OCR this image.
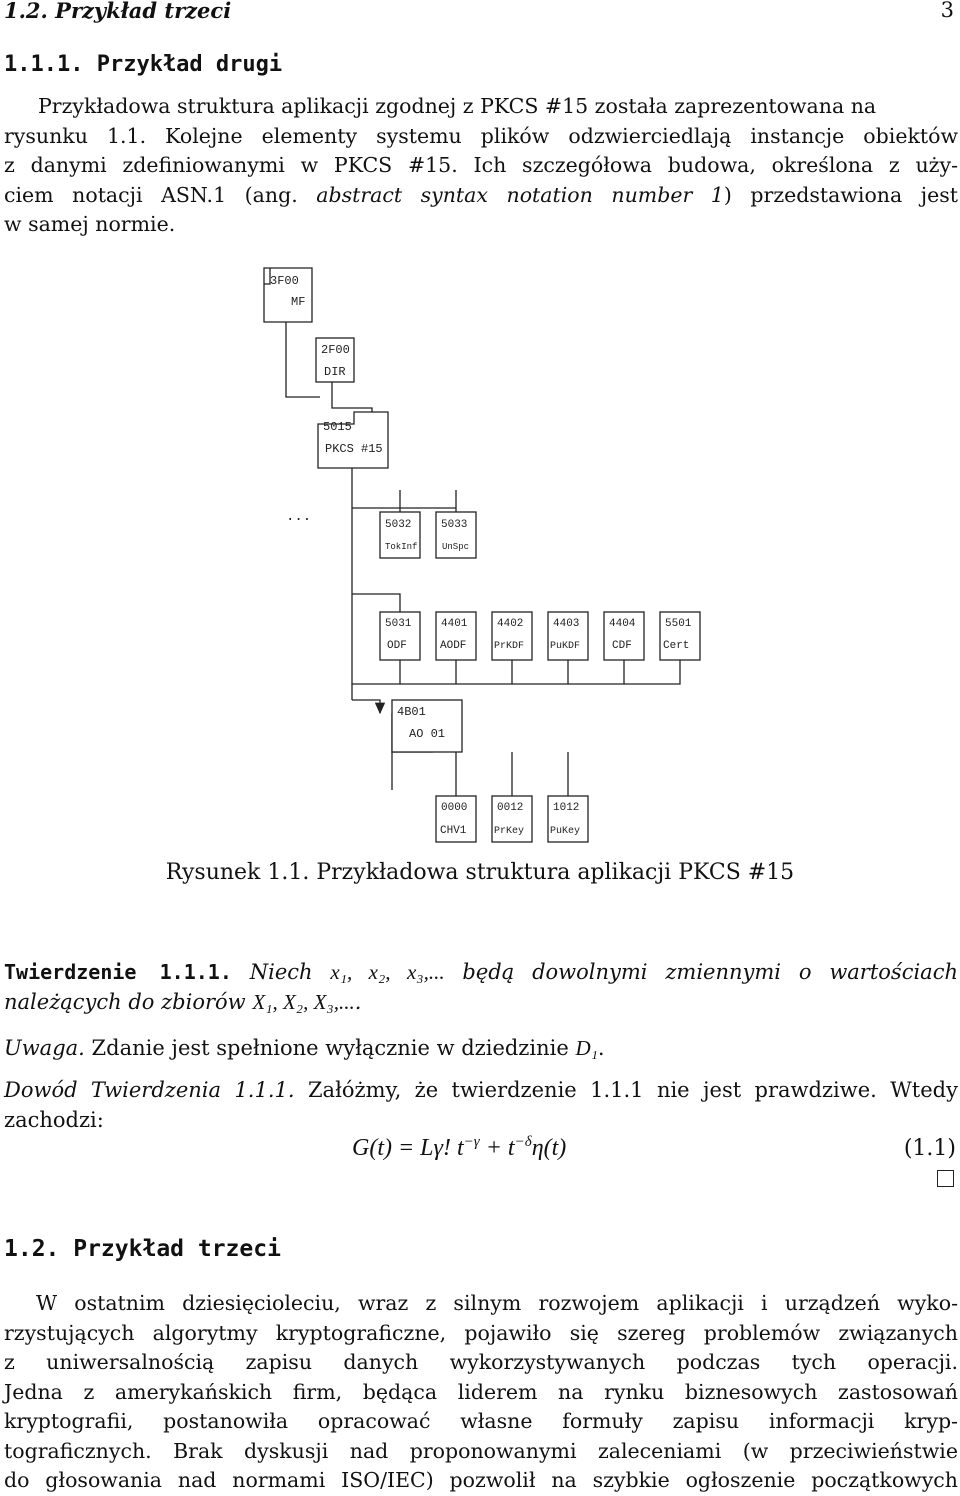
1.2. Przykład trzeci	3
1.1.1. Przykład drugi
Przykładowa struktura aplikacji zgodnej z PKCS #15 została zaprezentowana na
rysunku 1.1. Kolejne elementy systemu plików odzwierciedlają instancje obiektów
z danymi zdefiniowanymi w PKCS #15. Ich szczegółowa budowa, określona z uży-
ciem notacji ASN.1 (ang. abstract syntax notation number 1) przedstawiona jest
w samej normie.
3F00
MF
2F00
DIR
5015
PKCS #15
...	5032
TokInf
5033
UnSpc
5031
ODF
4401
AODF
4402
PrKDF
4403
PuKDF
4404
CDF
5501
Cert
4B01
AO 01
0000
CHV1
0012
PrKey
1012
PuKey
Rysunek 1.1. Przykładowa struktura aplikacji PKCS #15
Twierdzenie 1.1.1. Niech x₁, x₂, x₃,... będą dowolnymi zmiennymi o wartościach
należących do zbiorów X₁, X₂, X₃,....
Uwaga. Zdanie jest spełnione wyłącznie w dziedzinie D₁.
Dowód Twierdzenia 1.1.1. Załóżmy, że twierdzenie 1.1.1 nie jest prawdziwe. Wtedy
zachodzi:
G(t) = Lγ! $t^{-\gamma} + t^{-\delta}\eta(t)$	(1.1)
1.2. Przykład trzeci
W ostatnim dziesięcioleciu, wraz z silnym rozwojem aplikacji i urządzeń wyko-
rzystujących algorytmy kryptograficzne, pojawiło się szereg problemów związanych
z uniwersalnością zapisu danych wykorzystywanych podczas tych operacji.
Jedna z amerykańskich firm, będąca liderem na rynku biznesowych zastosowań
kryptografii, postanowiła opracować własne formuły zapisu informacji kryp-
tograficznych. Brak dyskusji nad proponowanymi zaleceniami (w przeciwieństwie
do głosowania nad normami ISO/IEC) pozwolił na szybkie ogłoszenie początkowych
